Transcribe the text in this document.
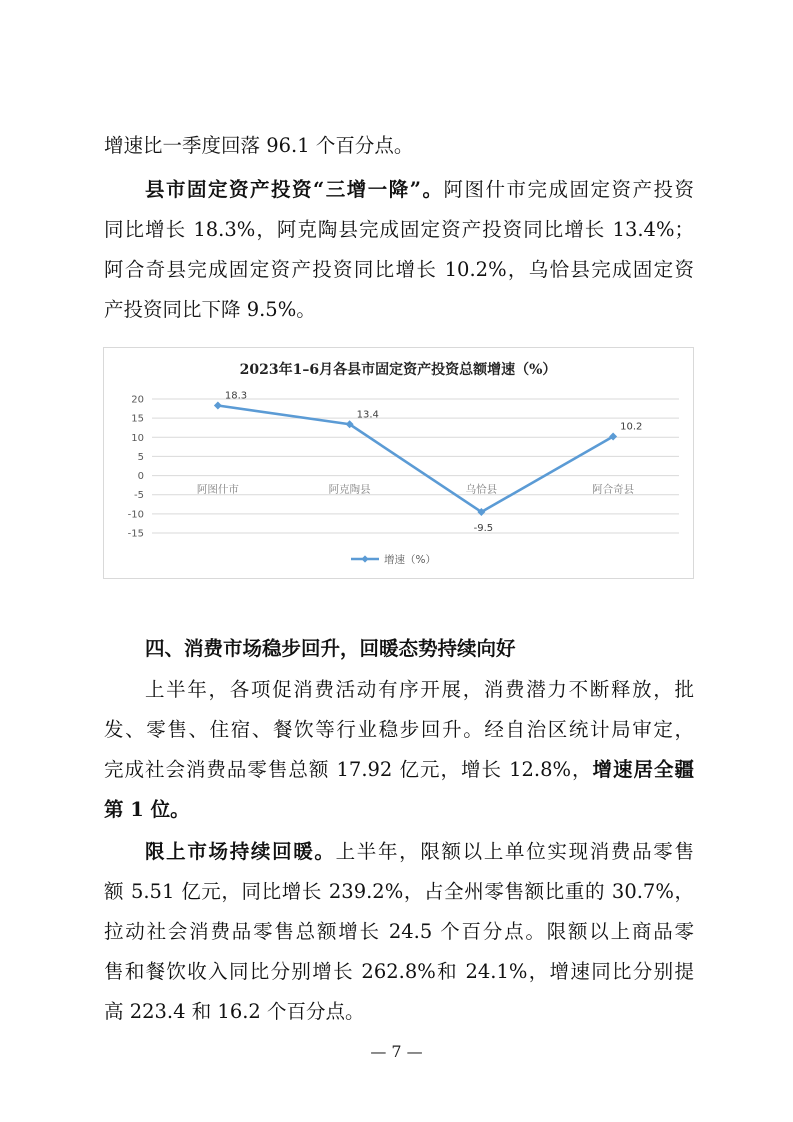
增速比一季度回落 96.1 个百分点。
县市固定资产投资“三增一降”。阿图什市完成固定资产投资
同比增长 18.3%，阿克陶县完成固定资产投资同比增长 13.4%；
阿合奇县完成固定资产投资同比增长 10.2%，乌恰县完成固定资
产投资同比下降 9.5%。
2023年1–6月各县市固定资产投资总额增速（%）
20
15
10
5
0
-5
-10
-15
阿图什市	阿克陶县	乌恰县	阿合奇县
18.3
13.4
-9.5
10.2
增速（%）
四、消费市场稳步回升，回暖态势持续向好
上半年，各项促消费活动有序开展，消费潜力不断释放，批
发、零售、住宿、餐饮等行业稳步回升。经自治区统计局审定，
完成社会消费品零售总额 17.92 亿元，增长 12.8%，增速居全疆
第 1 位。
限上市场持续回暖。上半年，限额以上单位实现消费品零售
额 5.51 亿元，同比增长 239.2%，占全州零售额比重的 30.7%，
拉动社会消费品零售总额增长 24.5 个百分点。限额以上商品零
售和餐饮收入同比分别增长 262.8%和 24.1%，增速同比分别提
高 223.4 和 16.2 个百分点。
— 7 —
